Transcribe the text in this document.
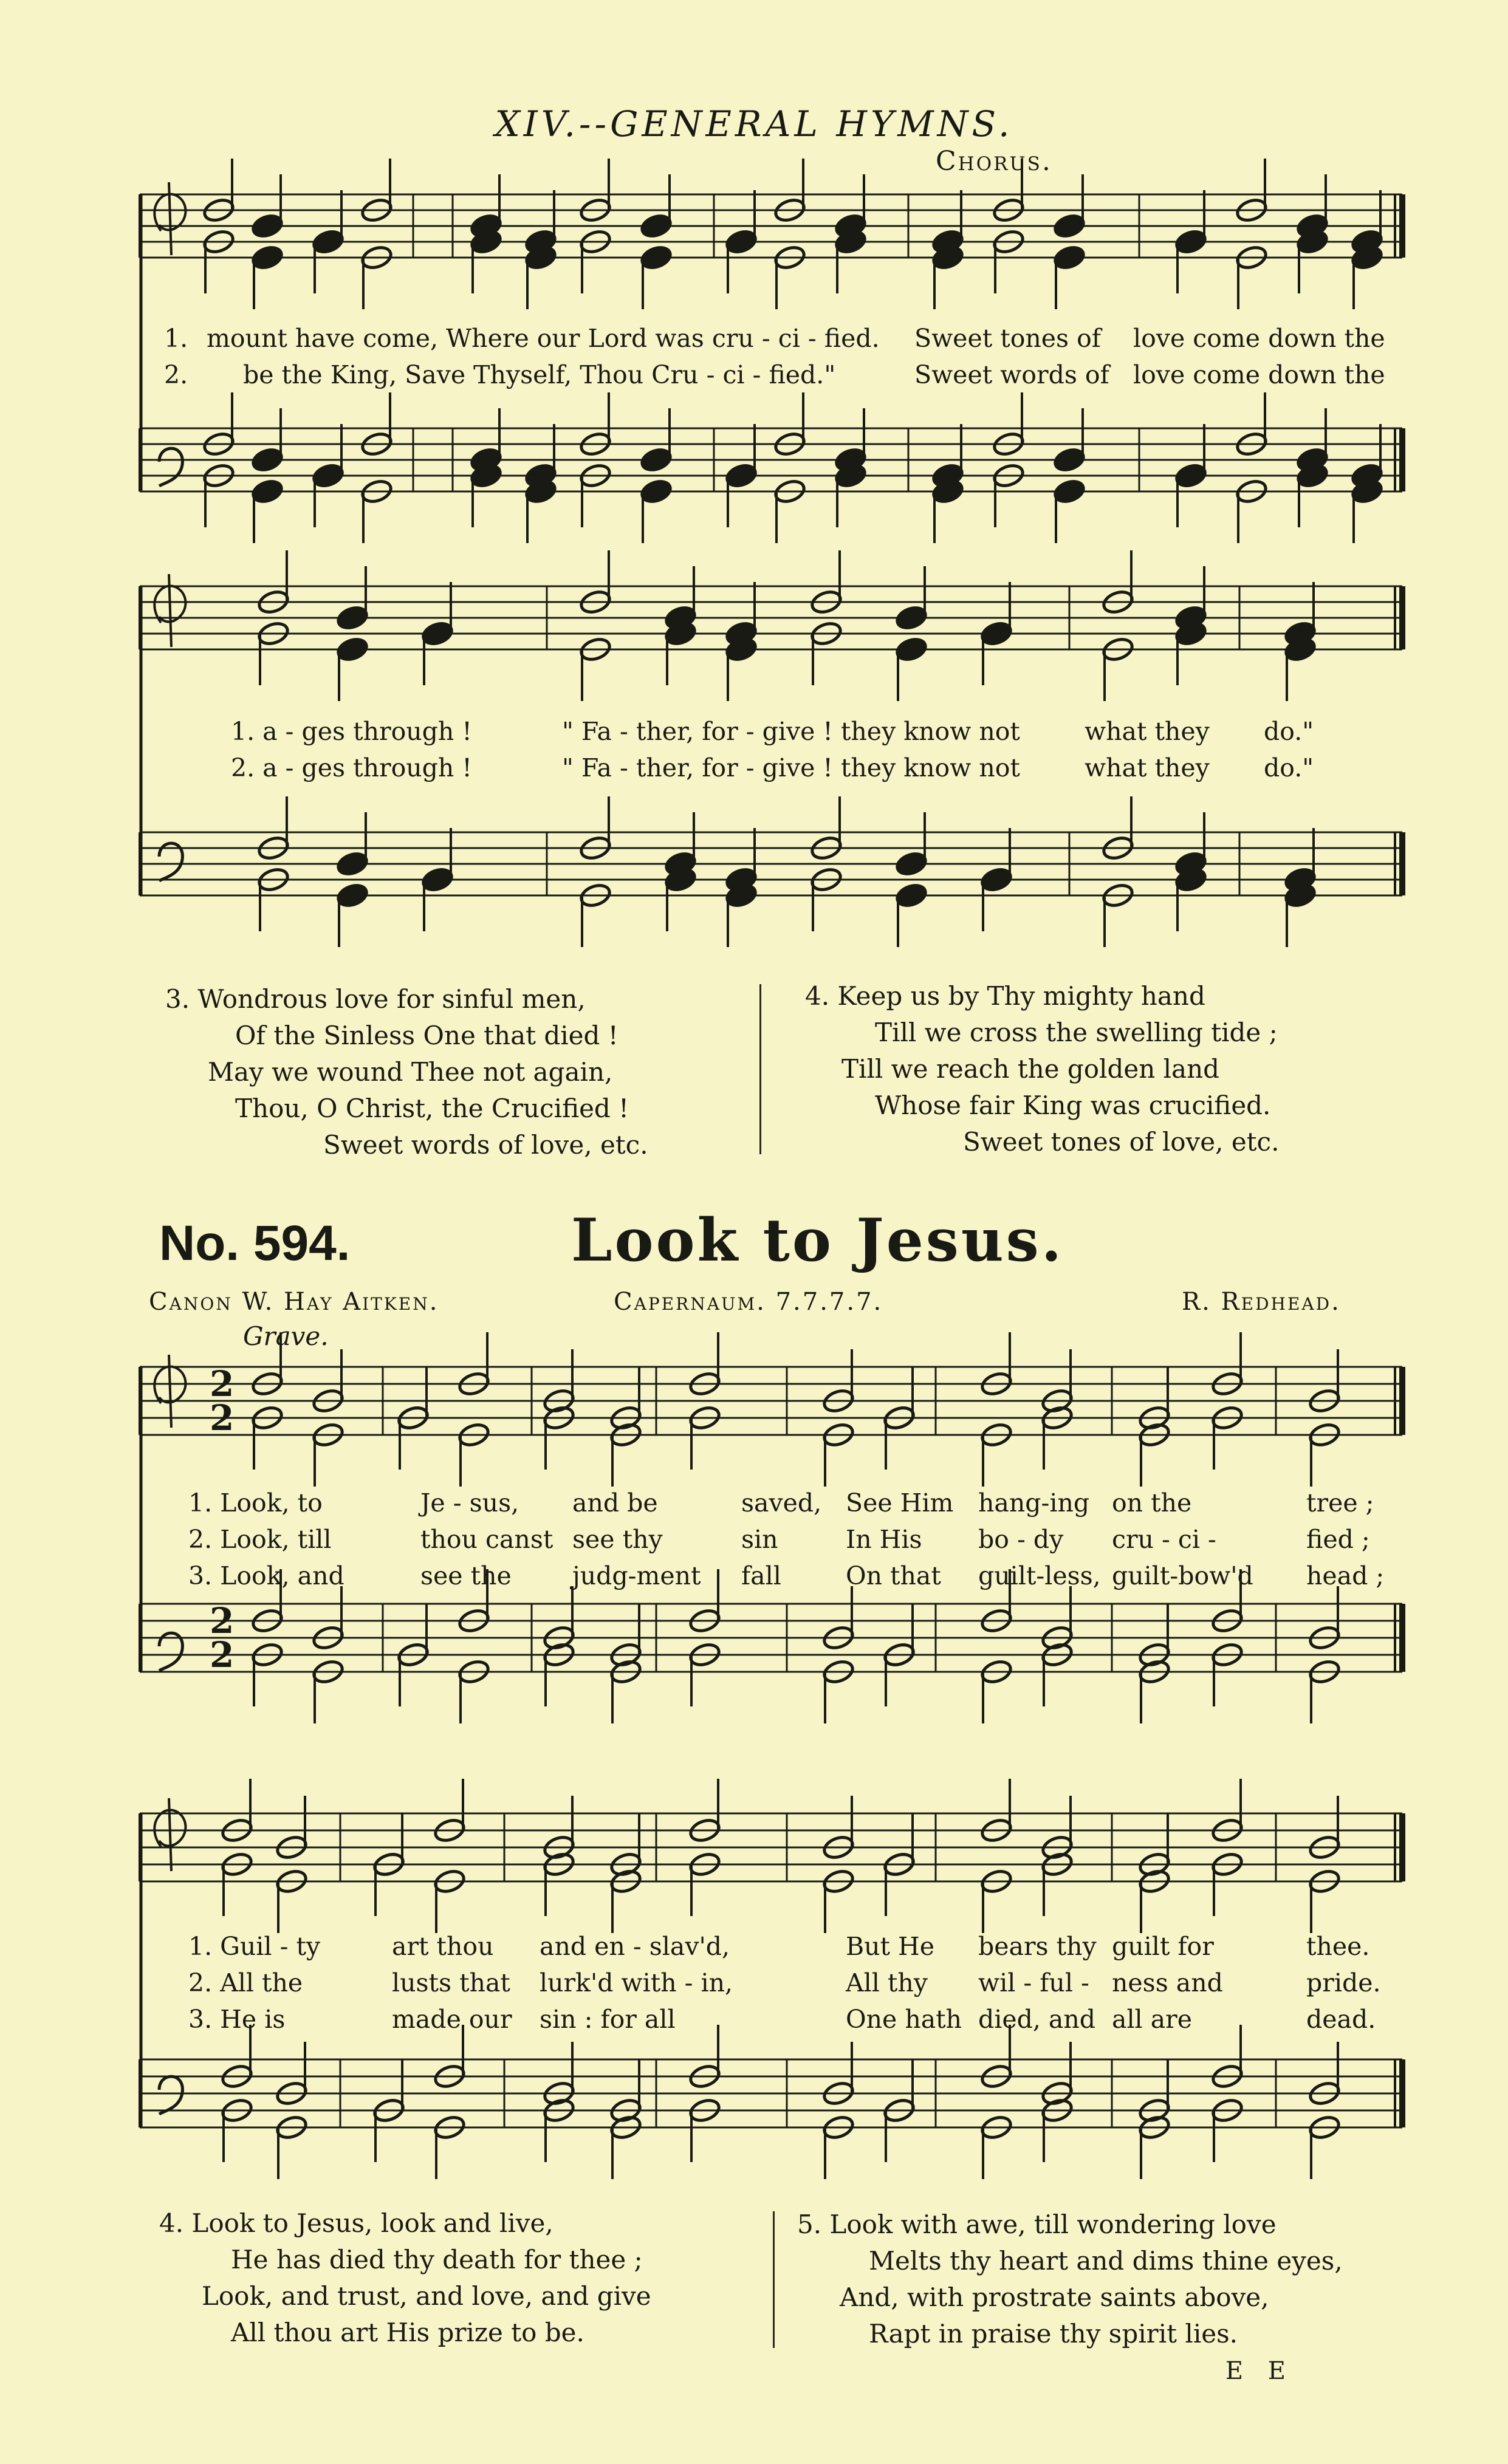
XIV.--GENERAL HYMNS.
Chorus.
2
2
2
2
1. mount have come, Where our Lord was cru - ci - fied. Sweet tones of love come down the
2. be the King, Save Thyself, Thou Cru - ci - fied."	Sweet words of love come down the
1. a - ges through !	" Fa - ther, for - give ! they know not	what they do."
2. a - ges through !	" Fa - ther, for - give ! they know not	what they do."
3. Wondrous love for sinful men,
Of the Sinless One that died !
May we wound Thee not again,
Thou, O Christ, the Crucified !
Sweet words of love, etc.
4. Keep us by Thy mighty hand
Till we cross the swelling tide ;
Till we reach the golden land
Whose fair King was crucified.
Sweet tones of love, etc.
No. 594.	Look to Jesus.
Canon W. Hay Aitken.	Capernaum. 7.7.7.7.	R. Redhead.
Grave.
1. Look, to	Je - sus, and be	saved, See Him hang-ing on the	tree ;
2. Look, till	thou canst see thy	sin	In His bo - dy cru - ci -	fied ;
3. Look, and	see the judg-ment fall	On that guilt-less, guilt-bow'd head ;
1. Guil - ty	art thou and en - slav'd,	But He bears thy guilt for	thee.
2. All the	lusts that lurk'd with - in,	All thy wil - ful - ness and	pride.
3. He is	made our sin : for all	One hath died, and all are	dead.
4. Look to Jesus, look and live,
He has died thy death for thee ;
Look, and trust, and love, and give
All thou art His prize to be.
5. Look with awe, till wondering love
Melts thy heart and dims thine eyes,
And, with prostrate saints above,
Rapt in praise thy spirit lies.
E E
